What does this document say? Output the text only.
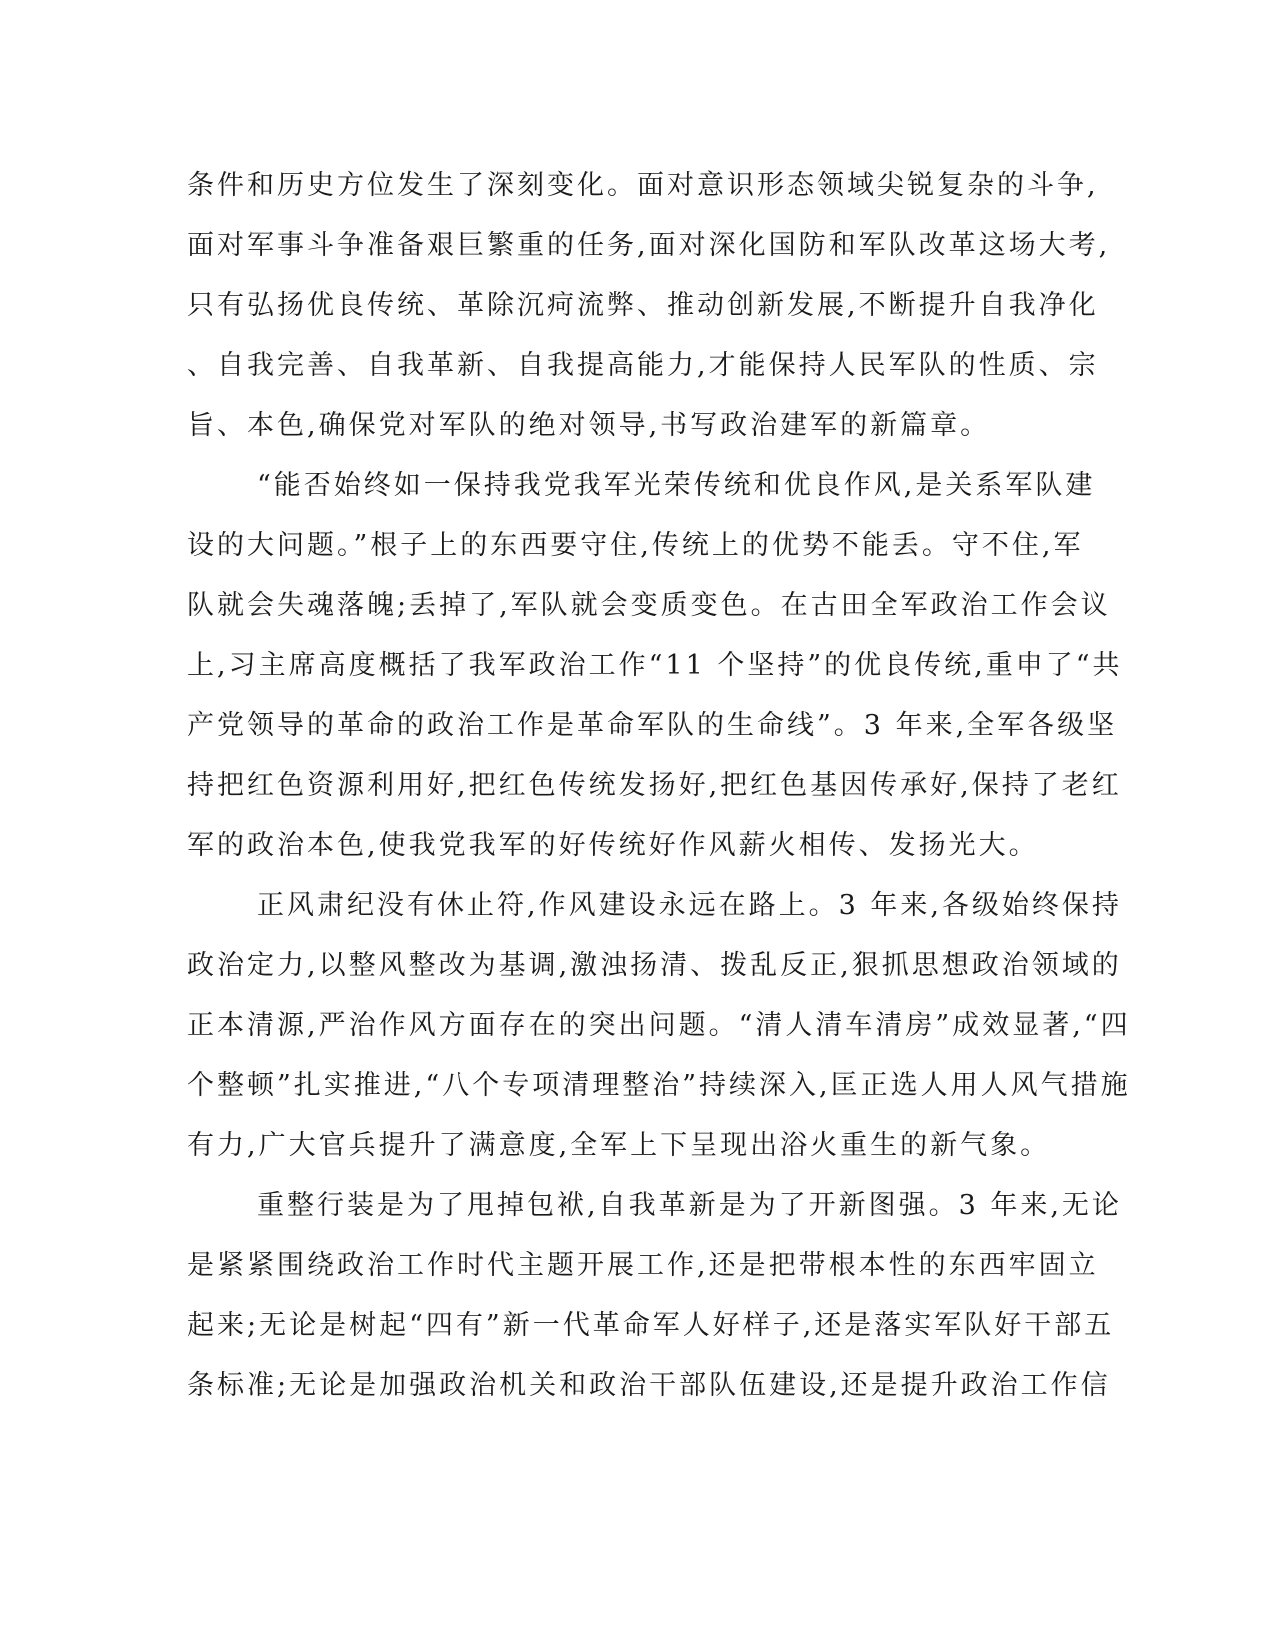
条件和历史方位发生了深刻变化。面对意识形态领域尖锐复杂的斗争,
面对军事斗争准备艰巨繁重的任务,面对深化国防和军队改革这场大考,
只有弘扬优良传统、革除沉疴流弊、推动创新发展,不断提升自我净化
、自我完善、自我革新、自我提高能力,才能保持人民军队的性质、宗
旨、本色,确保党对军队的绝对领导,书写政治建军的新篇章。
“能否始终如一保持我党我军光荣传统和优良作风,是关系军队建
设的大问题。”根子上的东西要守住,传统上的优势不能丢。守不住,军
队就会失魂落魄;丢掉了,军队就会变质变色。在古田全军政治工作会议
上,习主席高度概括了我军政治工作“11 个坚持”的优良传统,重申了“共
产党领导的革命的政治工作是革命军队的生命线”。3 年来,全军各级坚
持把红色资源利用好,把红色传统发扬好,把红色基因传承好,保持了老红
军的政治本色,使我党我军的好传统好作风薪火相传、发扬光大。
正风肃纪没有休止符,作风建设永远在路上。3 年来,各级始终保持
政治定力,以整风整改为基调,激浊扬清、拨乱反正,狠抓思想政治领域的
正本清源,严治作风方面存在的突出问题。“清人清车清房”成效显著,“四
个整顿”扎实推进,“八个专项清理整治”持续深入,匡正选人用人风气措施
有力,广大官兵提升了满意度,全军上下呈现出浴火重生的新气象。
重整行装是为了甩掉包袱,自我革新是为了开新图强。3 年来,无论
是紧紧围绕政治工作时代主题开展工作,还是把带根本性的东西牢固立
起来;无论是树起“四有”新一代革命军人好样子,还是落实军队好干部五
条标准;无论是加强政治机关和政治干部队伍建设,还是提升政治工作信
